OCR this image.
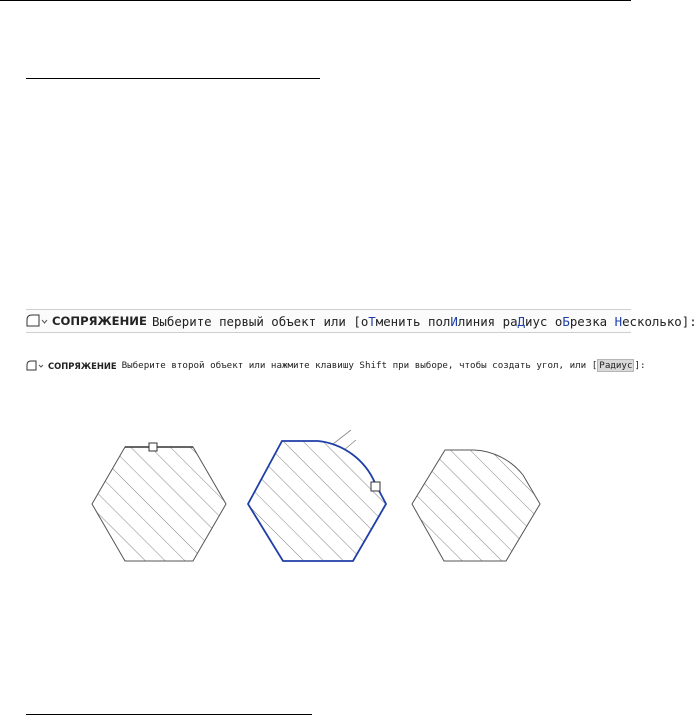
СОПРЯЖЕНИЕ Выберите первый объект или [ оТменить
полИлиния
раДиус
оБрезка
Несколько ]:
СОПРЯЖЕНИЕ Выберите второй объект или нажмите клавишу Shift при выборе, чтобы создать угол, или [ Радиус ]:
